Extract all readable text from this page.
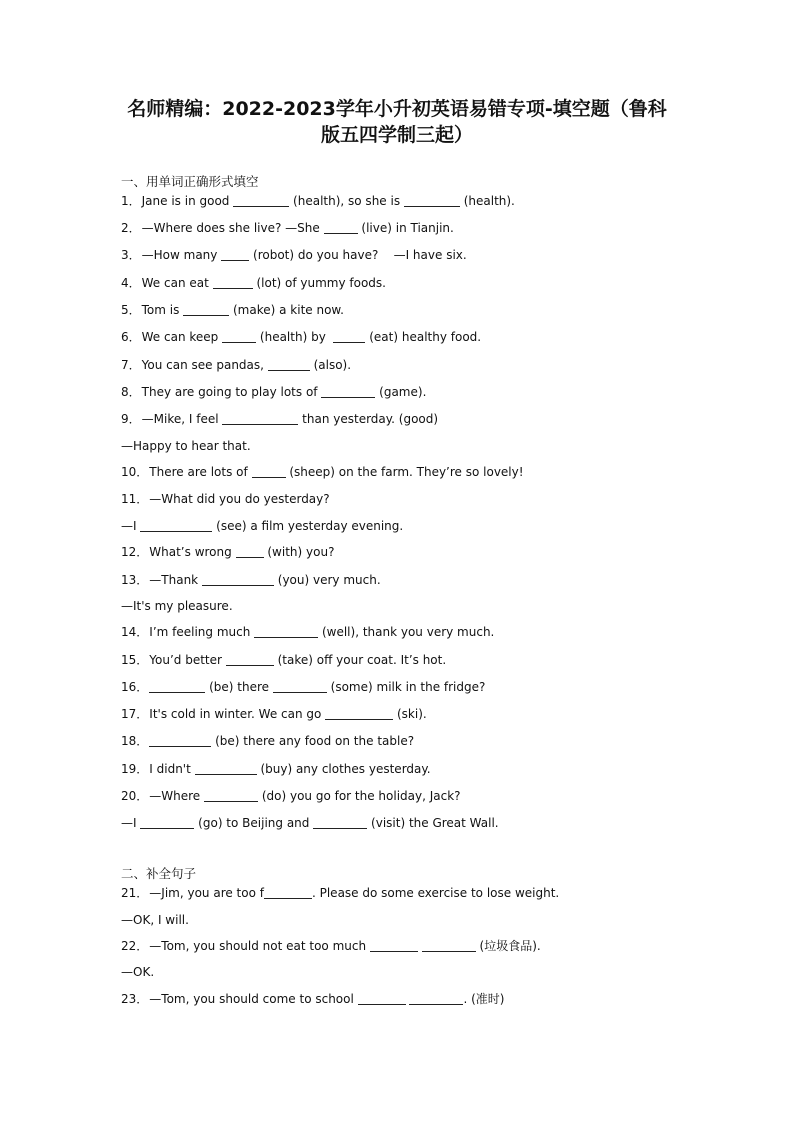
名师精编：2022-2023学年小升初英语易错专项-填空题（鲁科
版五四学制三起）
一、用单词正确形式填空
1．Jane is in good	(health), so she is	(health).
2．—Where does she live? —She	(live) in Tianjin.
3．—How many  (robot) do you have?    —I have six.
4．We can eat	(lot) of yummy foods.
5．Tom is	(make) a kite now.
6．We can keep	(health) by	(eat) healthy food.
7．You can see pandas,	(also).
8．They are going to play lots of	(game).
9．—Mike, I feel	than yesterday. (good)
—Happy to hear that.
10．There are lots of	(sheep) on the farm. They’re so lovely!
11．—What did you do yesterday?
—I	(see) a film yesterday evening.
12．What’s wrong  (with) you?
13．—Thank	(you) very much.
—It's my pleasure.
14．I’m feeling much	(well), thank you very much.
15．You’d better	(take) off your coat. It’s hot.
16．	(be) there	(some) milk in the fridge?
17．It's cold in winter. We can go	(ski).
18．	(be) there any food on the table?
19．I didn't	(buy) any clothes yesterday.
20．—Where	(do) you go for the holiday, Jack?
—I	(go) to Beijing and	(visit) the Great Wall.
二、补全句子
21．—Jim, you are too f	. Please do some exercise to lose weight.
—OK, I will.
22．—Tom, you should not eat too much	(垃圾食品).
—OK.
23．—Tom, you should come to school	. (准时)
